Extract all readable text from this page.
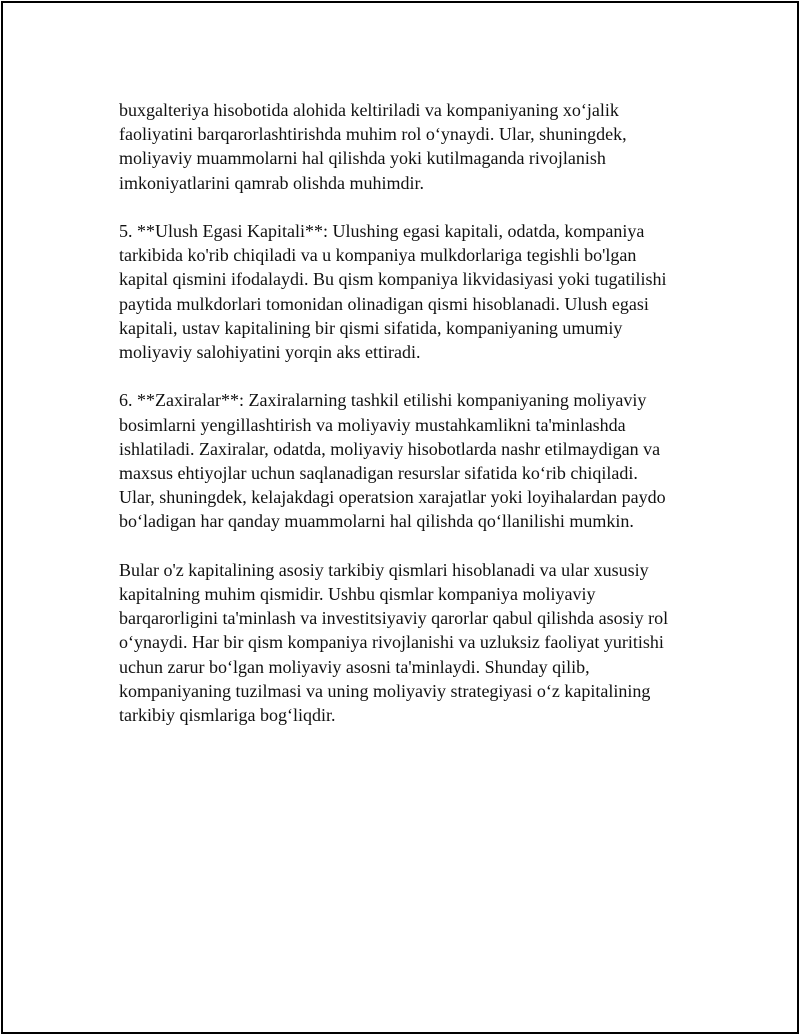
buxgalteriya hisobotida alohida keltiriladi va kompaniyaning xo‘jalik
faoliyatini barqarorlashtirishda muhim rol o‘ynaydi. Ular, shuningdek,
moliyaviy muammolarni hal qilishda yoki kutilmaganda rivojlanish
imkoniyatlarini qamrab olishda muhimdir.

5. **Ulush Egasi Kapitali**: Ulushing egasi kapitali, odatda, kompaniya
tarkibida ko'rib chiqiladi va u kompaniya mulkdorlariga tegishli bo'lgan
kapital qismini ifodalaydi. Bu qism kompaniya likvidasiyasi yoki tugatilishi
paytida mulkdorlari tomonidan olinadigan qismi hisoblanadi. Ulush egasi
kapitali, ustav kapitalining bir qismi sifatida, kompaniyaning umumiy
moliyaviy salohiyatini yorqin aks ettiradi.

6. **Zaxiralar**: Zaxiralarning tashkil etilishi kompaniyaning moliyaviy
bosimlarni yengillashtirish va moliyaviy mustahkamlikni ta'minlashda
ishlatiladi. Zaxiralar, odatda, moliyaviy hisobotlarda nashr etilmaydigan va
maxsus ehtiyojlar uchun saqlanadigan resurslar sifatida ko‘rib chiqiladi.
Ular, shuningdek, kelajakdagi operatsion xarajatlar yoki loyihalardan paydo
bo‘ladigan har qanday muammolarni hal qilishda qo‘llanilishi mumkin.

Bular o'z kapitalining asosiy tarkibiy qismlari hisoblanadi va ular xususiy
kapitalning muhim qismidir. Ushbu qismlar kompaniya moliyaviy
barqarorligini ta'minlash va investitsiyaviy qarorlar qabul qilishda asosiy rol
o‘ynaydi. Har bir qism kompaniya rivojlanishi va uzluksiz faoliyat yuritishi
uchun zarur bo‘lgan moliyaviy asosni ta'minlaydi. Shunday qilib,
kompaniyaning tuzilmasi va uning moliyaviy strategiyasi o‘z kapitalining
tarkibiy qismlariga bog‘liqdir.
